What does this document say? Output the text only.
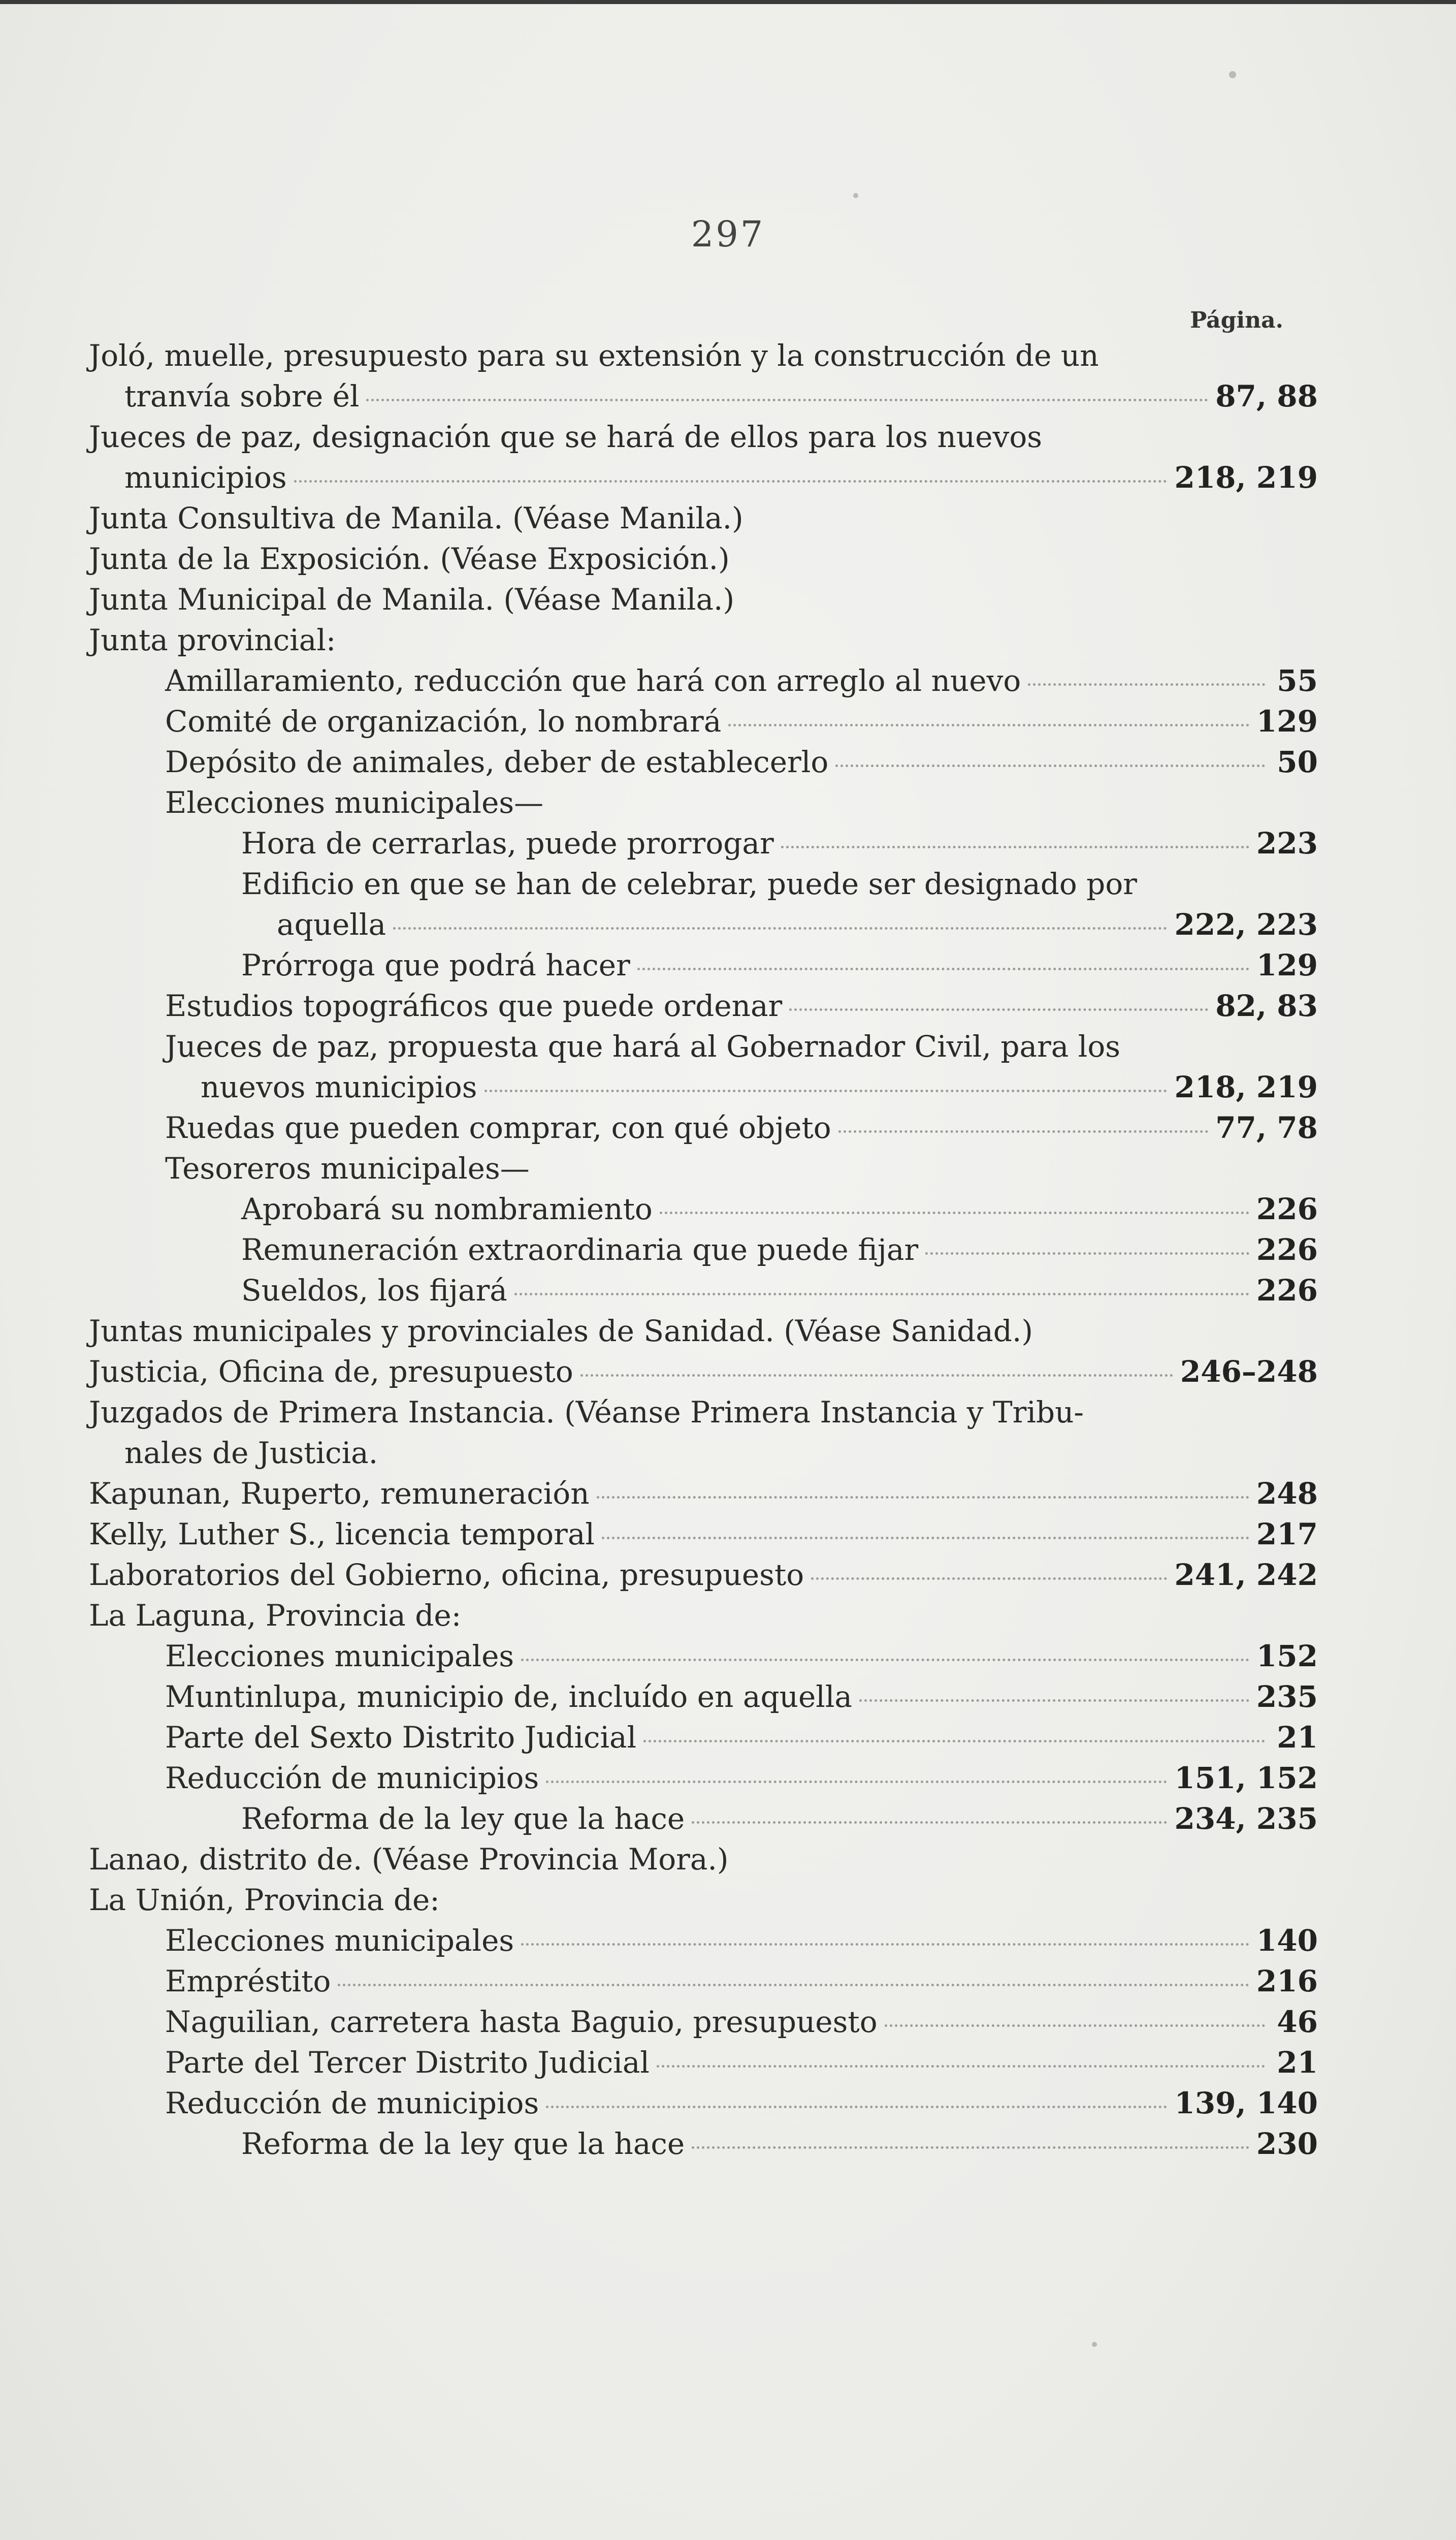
297
Página.
Joló, muelle, presupuesto para su extensión y la construcción de un
tranvía sobre él	87, 88
Jueces de paz, designación que se hará de ellos para los nuevos
municipios	218, 219
Junta Consultiva de Manila. (Véase Manila.)
Junta de la Exposición. (Véase Exposición.)
Junta Municipal de Manila. (Véase Manila.)
Junta provincial:
Amillaramiento, reducción que hará con arreglo al nuevo	55
Comité de organización, lo nombrará	129
Depósito de animales, deber de establecerlo	50
Elecciones municipales—
Hora de cerrarlas, puede prorrogar	223
Edificio en que se han de celebrar, puede ser designado por
aquella	222, 223
Prórroga que podrá hacer	129
Estudios topográficos que puede ordenar	82, 83
Jueces de paz, propuesta que hará al Gobernador Civil, para los
nuevos municipios	218, 219
Ruedas que pueden comprar, con qué objeto	77, 78
Tesoreros municipales—
Aprobará su nombramiento	226
Remuneración extraordinaria que puede fijar	226
Sueldos, los fijará	226
Juntas municipales y provinciales de Sanidad. (Véase Sanidad.)
Justicia, Oficina de, presupuesto	246–248
Juzgados de Primera Instancia. (Véanse Primera Instancia y Tribu-
nales de Justicia.
Kapunan, Ruperto, remuneración	248
Kelly, Luther S., licencia temporal	217
Laboratorios del Gobierno, oficina, presupuesto	241, 242
La Laguna, Provincia de:
Elecciones municipales	152
Muntinlupa, municipio de, incluído en aquella	235
Parte del Sexto Distrito Judicial	21
Reducción de municipios	151, 152
Reforma de la ley que la hace	234, 235
Lanao, distrito de. (Véase Provincia Mora.)
La Unión, Provincia de:
Elecciones municipales	140
Empréstito	216
Naguilian, carretera hasta Baguio, presupuesto	46
Parte del Tercer Distrito Judicial	21
Reducción de municipios	139, 140
Reforma de la ley que la hace	230
